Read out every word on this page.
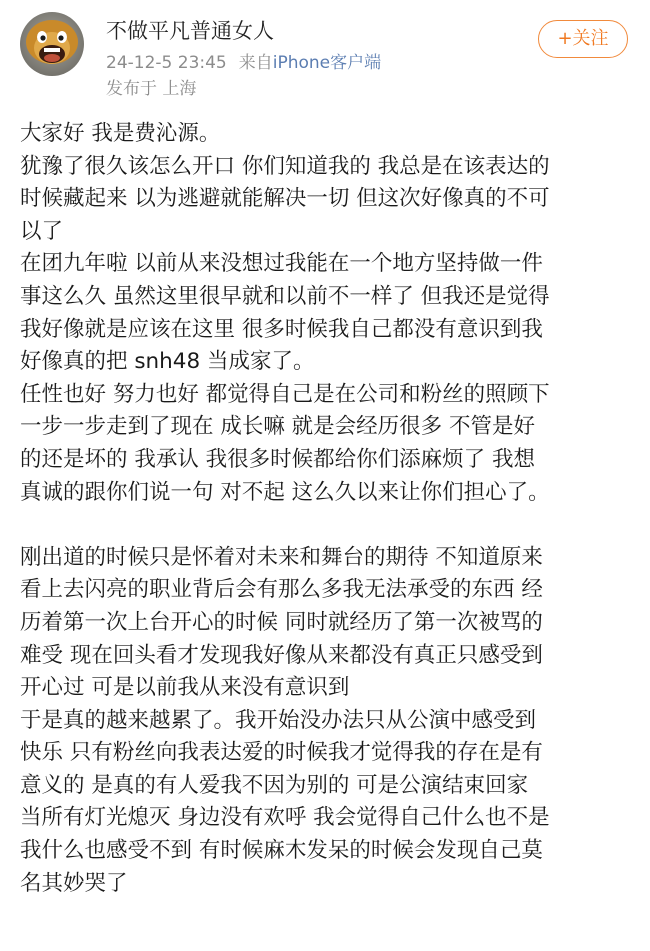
不做平凡普通女人
24-12-5 23:45 来自iPhone客户端
发布于 上海
+关注
大家好 我是费沁源。
犹豫了很久该怎么开口 你们知道我的 我总是在该表达的
时候藏起来 以为逃避就能解决一切 但这次好像真的不可
以了
在团九年啦 以前从来没想过我能在一个地方坚持做一件
事这么久 虽然这里很早就和以前不一样了 但我还是觉得
我好像就是应该在这里 很多时候我自己都没有意识到我
好像真的把 snh48 当成家了。
任性也好 努力也好 都觉得自己是在公司和粉丝的照顾下
一步一步走到了现在 成长嘛 就是会经历很多 不管是好
的还是坏的 我承认 我很多时候都给你们添麻烦了 我想
真诚的跟你们说一句 对不起 这么久以来让你们担心了。
刚出道的时候只是怀着对未来和舞台的期待 不知道原来
看上去闪亮的职业背后会有那么多我无法承受的东西 经
历着第一次上台开心的时候 同时就经历了第一次被骂的
难受 现在回头看才发现我好像从来都没有真正只感受到
开心过 可是以前我从来没有意识到
于是真的越来越累了。我开始没办法只从公演中感受到
快乐 只有粉丝向我表达爱的时候我才觉得我的存在是有
意义的 是真的有人爱我不因为别的 可是公演结束回家
当所有灯光熄灭 身边没有欢呼 我会觉得自己什么也不是
我什么也感受不到 有时候麻木发呆的时候会发现自己莫
名其妙哭了
